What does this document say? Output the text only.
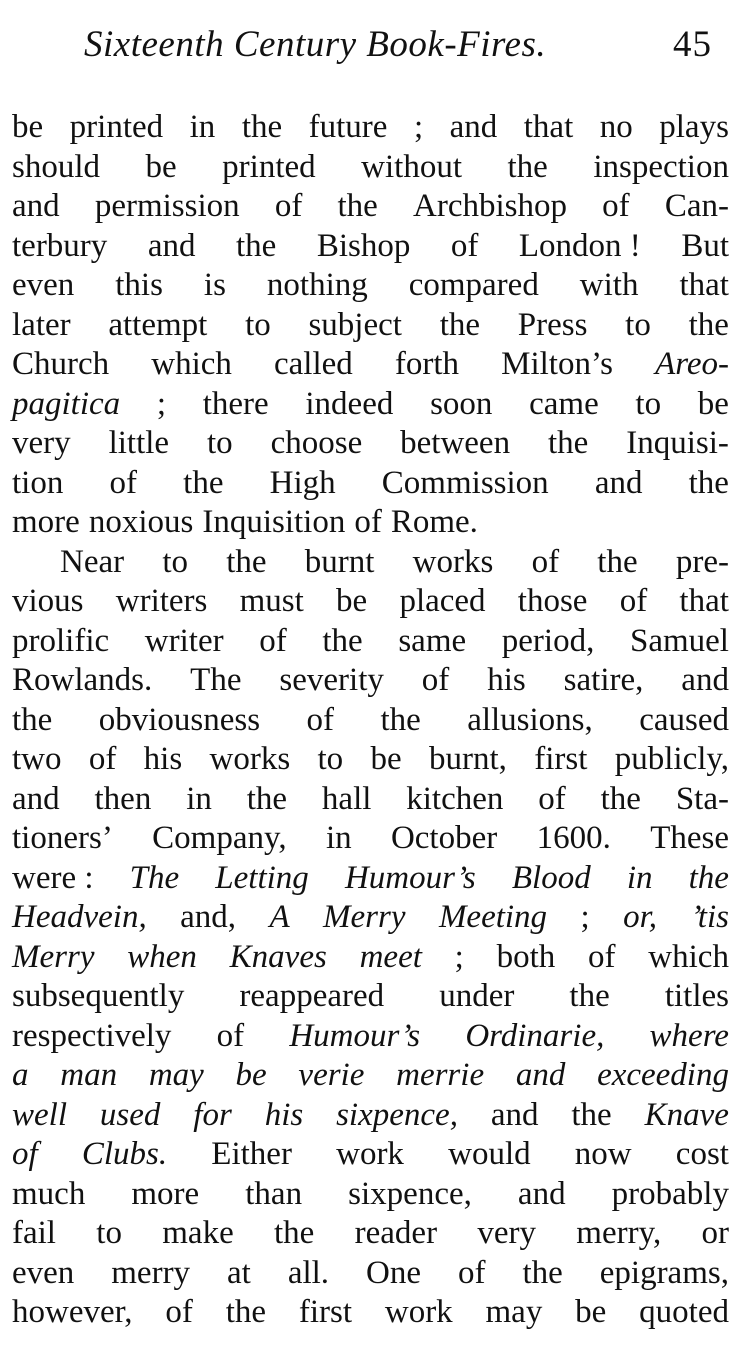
Sixteenth Century Book-Fires.	45
be printed in the future ; and that no plays
should be printed without the inspection
and permission of the Archbishop of Can-
terbury and the Bishop of London ! But
even this is nothing compared with that
later attempt to subject the Press to the
Church which called forth Milton’s Areo-
pagitica ; there indeed soon came to be
very little to choose between the Inquisi-
tion of the High Commission and the
more noxious Inquisition of Rome.
Near to the burnt works of the pre-
vious writers must be placed those of that
prolific writer of the same period, Samuel
Rowlands. The severity of his satire, and
the obviousness of the allusions, caused
two of his works to be burnt, first publicly,
and then in the hall kitchen of the Sta-
tioners’ Company, in October 1600. These
were : The Letting Humour’s Blood in the
Headvein, and, A Merry Meeting ; or, ’tis
Merry when Knaves meet ; both of which
subsequently reappeared under the titles
respectively of Humour’s Ordinarie, where
a man may be verie merrie and exceeding
well used for his sixpence, and the Knave
of Clubs. Either work would now cost
much more than sixpence, and probably
fail to make the reader very merry, or
even merry at all. One of the epigrams,
however, of the first work may be quoted
